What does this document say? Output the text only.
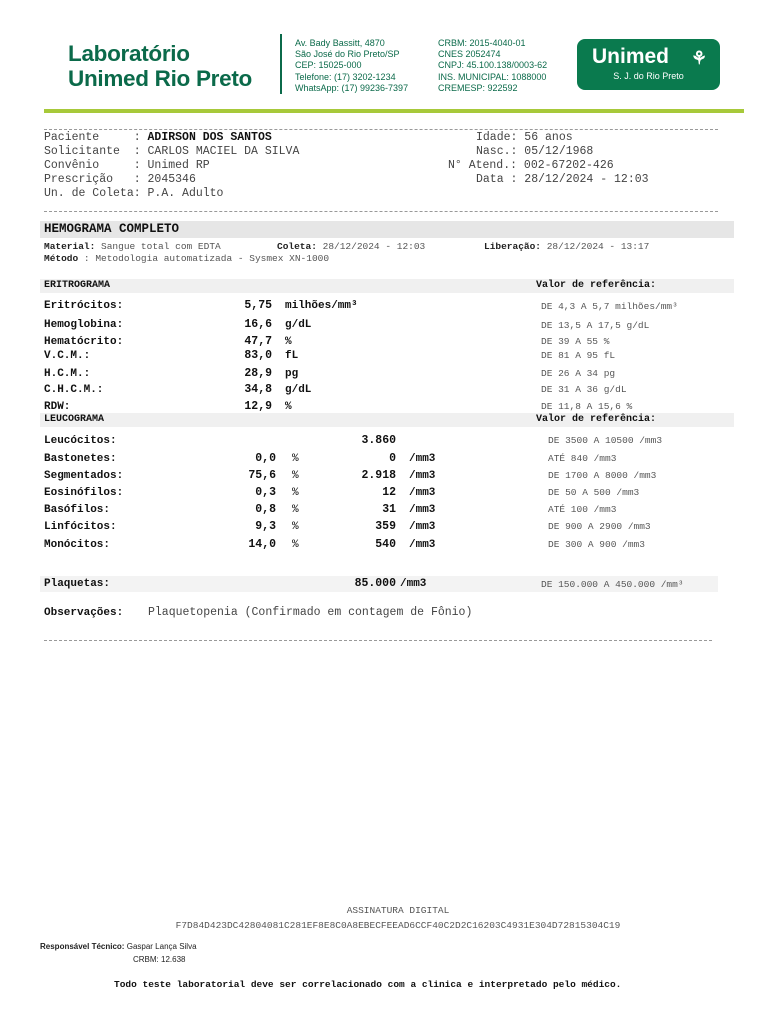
Laboratório
Unimed Rio Preto
Av. Bady Bassitt, 4870
São José do Rio Preto/SP
CEP: 15025-000
Telefone: (17) 3202-1234
WhatsApp: (17) 99236-7397
CRBM: 2015-4040-01
CNES 2052474
CNPJ: 45.100.138/0003-62
INS. MUNICIPAL: 1088000
CREMESP: 922592
Unimed ⚘
S. J. do Rio Preto
Paciente     : ADIRSON DOS SANTOS
Solicitante  : CARLOS MACIEL DA SILVA
Convênio     : Unimed RP
Prescrição   : 2045346
Un. de Coleta: P.A. Adulto
Idade: 56 anos
Nasc.: 05/12/1968
N° Atend.: 002-67202-426
Data : 28/12/2024 - 12:03
HEMOGRAMA COMPLETO
Material: Sangue total com EDTA	Coleta: 28/12/2024 - 12:03	Liberação: 28/12/2024 - 13:17
Método : Metodologia automatizada - Sysmex XN-1000
ERITROGRAMA	Valor de referência:
Eritrócitos:	5,75 milhões/mm³	DE 4,3 A 5,7 milhões/mm³
Hemoglobina:	16,6 g/dL	DE 13,5 A 17,5 g/dL
Hematócrito:	47,7 %	DE 39 A 55 %
V.C.M.:	83,0 fL	DE 81 A 95 fL
H.C.M.:	28,9 pg	DE 26 A 34 pg
C.H.C.M.:	34,8 g/dL	DE 31 A 36 g/dL
RDW:	12,9 %	DE 11,8 A 15,6 %
LEUCOGRAMA	Valor de referência:
Leucócitos:	3.860	DE 3500 A 10500 /mm3
Bastonetes:	0,0 %	0 /mm3	ATÉ 840 /mm3
Segmentados:	75,6 %	2.918 /mm3	DE 1700 A 8000 /mm3
Eosinófilos:	0,3 %	12 /mm3	DE 50 A 500 /mm3
Basófilos:	0,8 %	31 /mm3	ATÉ 100 /mm3
Linfócitos:	9,3 %	359 /mm3	DE 900 A 2900 /mm3
Monócitos:	14,0 %	540 /mm3	DE 300 A 900 /mm3
Plaquetas:	85.000 /mm3	DE 150.000 A 450.000 /mm³
Observações: Plaquetopenia (Confirmado em contagem de Fônio)
ASSINATURA DIGITAL
F7D84D423DC42804081C281EF8E8C0A8EBECFEEAD6CCF40C2D2C16203C4931E304D72815304C19
Responsável Técnico: Gaspar Lança Silva
CRBM: 12.638
Todo teste laboratorial deve ser correlacionado com a clinica e interpretado pelo médico.
